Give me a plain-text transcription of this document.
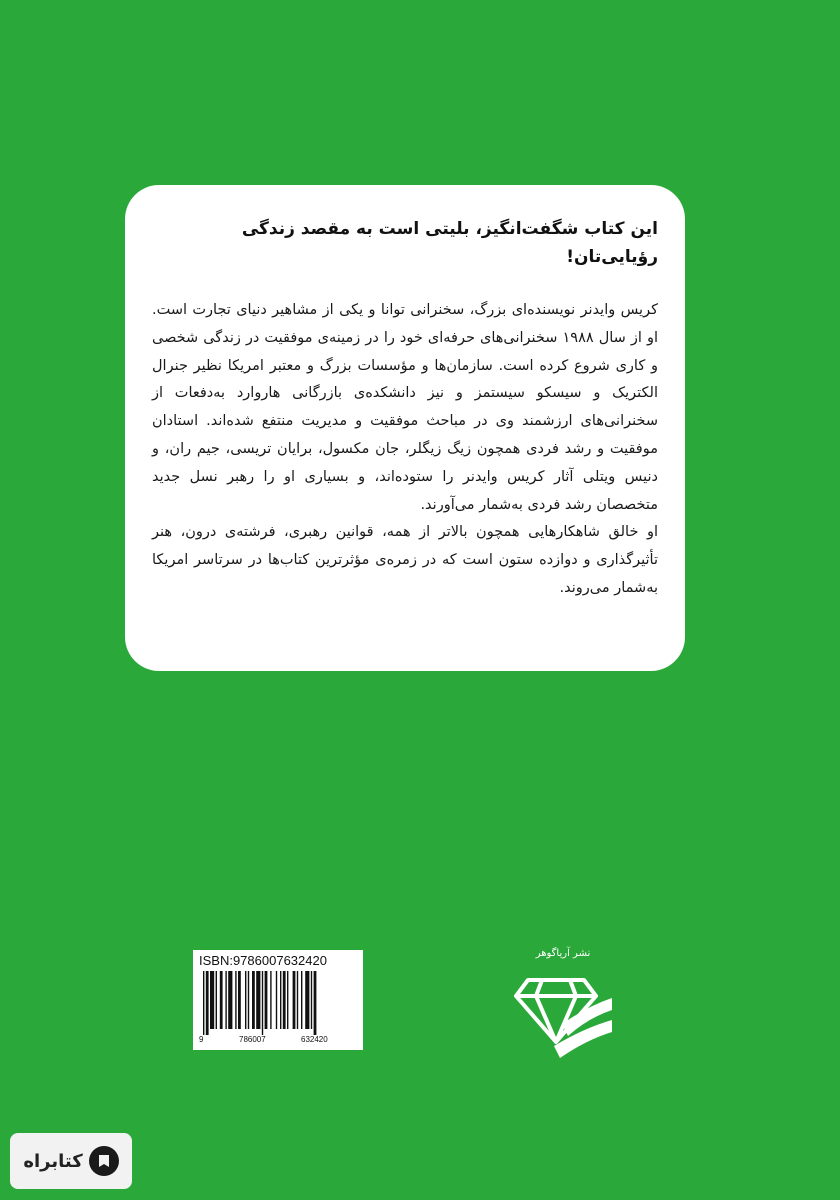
این کتاب شگفت‌انگیز، بلیتی است به مقصد زندگی رؤیایی‌تان!

کریس وایدنر نویسنده‌ای بزرگ، سخنرانی توانا و یکی از مشاهیر دنیای تجارت است. او از سال ۱۹۸۸ سخنرانی‌های حرفه‌ای خود را در زمینه‌ی موفقیت در زندگی شخصی و کاری شروع کرده است. سازمان‌ها و مؤسسات بزرگ و معتبر امریکا نظیر جنرال الکتریک و سیسکو سیستمز و نیز دانشکده‌ی بازرگانی هاروارد به‌دفعات از سخنرانی‌های ارزشمند وی در مباحث موفقیت و مدیریت منتفع شده‌اند. استادان موفقیت و رشد فردی همچون زیگ زیگلر، جان مکسول، برایان تریسی، جیم ران، و دنیس ویتلی آثار کریس وایدنر را ستوده‌اند، و بسیاری او را رهبر نسل جدید متخصصان رشد فردی به‌شمار می‌آورند.

او خالق شاهکارهایی همچون بالاتر از همه، قوانین رهبری، فرشته‌ی درون، هنر تأثیرگذاری و دوازده ستون است که در زمره‌ی مؤثرترین کتاب‌ها در سرتاسر امریکا به‌شمار می‌روند.

ISBN:9786007632420
9	786007	632420
نشر آریاگوهر
کتابراه
